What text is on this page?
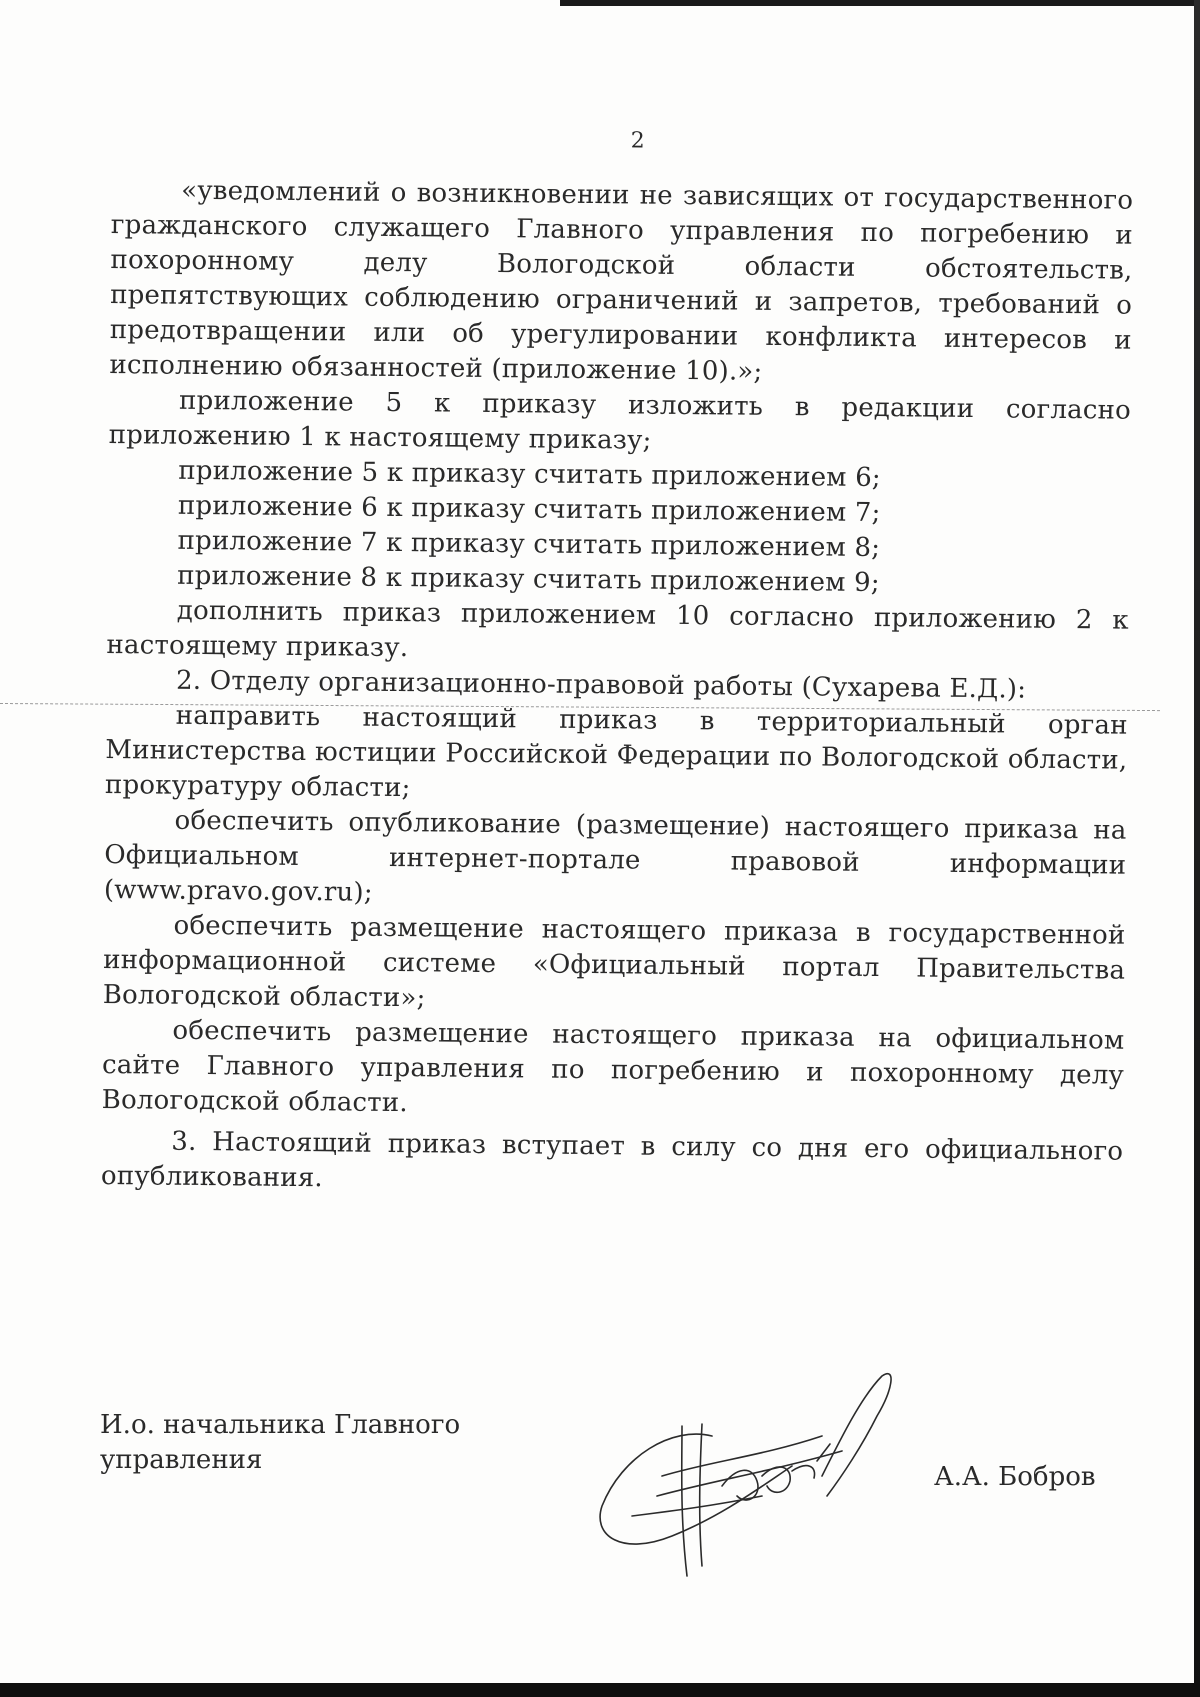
2

«уведомлений о возникновении не зависящих от государственного гражданского служащего Главного управления по погребению и похоронному делу Вологодской области обстоятельств, препятствующих соблюдению ограничений и запретов, требований о предотвращении или об урегулировании конфликта интересов и исполнению обязанностей (приложение 10).»;

приложение 5 к приказу изложить в редакции согласно приложению 1 к настоящему приказу;

приложение 5 к приказу считать приложением 6;

приложение 6 к приказу считать приложением 7;

приложение 7 к приказу считать приложением 8;

приложение 8 к приказу считать приложением 9;

дополнить приказ приложением 10 согласно приложению 2 к настоящему приказу.

2. Отделу организационно-правовой работы (Сухарева Е.Д.):

направить настоящий приказ в территориальный орган Министерства юстиции Российской Федерации по Вологодской области, прокуратуру области;

обеспечить опубликование (размещение) настоящего приказа на Официальном интернет-портале правовой информации (www.pravo.gov.ru);

обеспечить размещение настоящего приказа в государственной информационной системе «Официальный портал Правительства Вологодской области»;

обеспечить размещение настоящего приказа на официальном сайте Главного управления по погребению и похоронному делу Вологодской области.

3. Настоящий приказ вступает в силу со дня его официального опубликования.

И.о. начальника Главного
управления
А.А. Бобров
